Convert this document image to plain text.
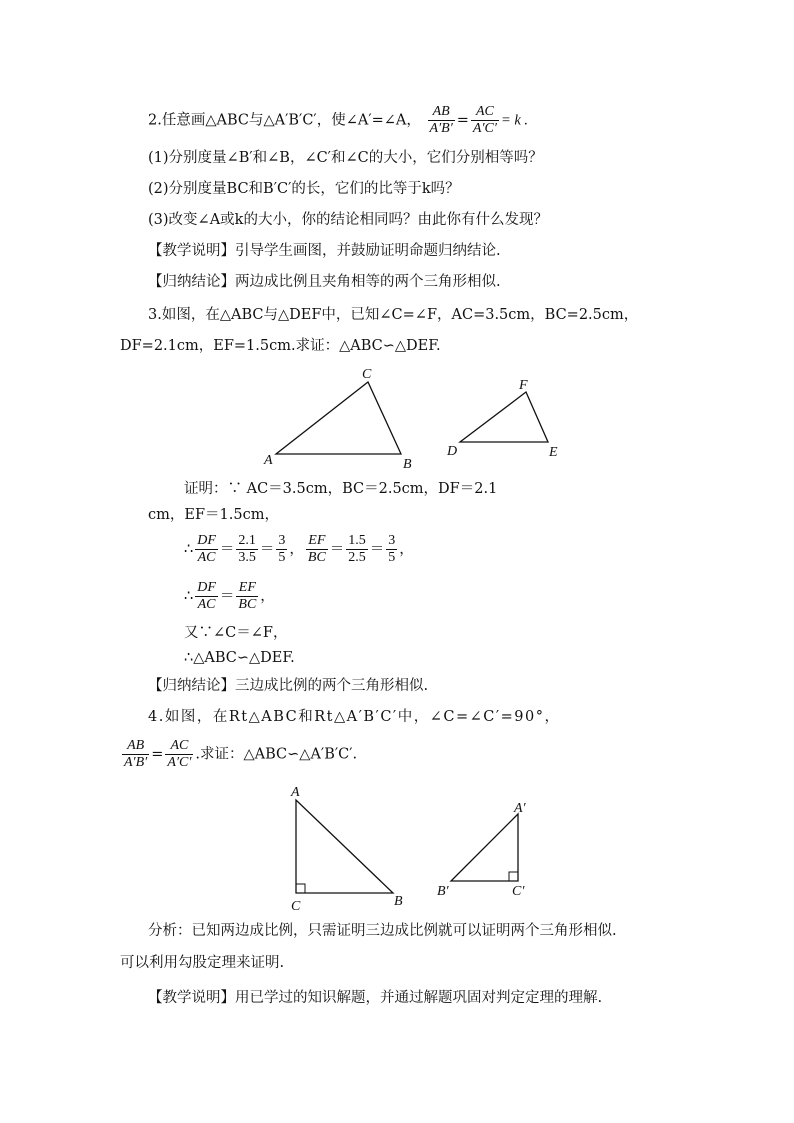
2.任意画△ABC与△A′B′C′，使∠A′=∠A， $\frac{AB}{A'B'} = \frac{AC}{A'C'} = k$ .
(1)分别度量∠B′和∠B，∠C′和∠C的大小，它们分别相等吗？
(2)分别度量BC和B′C′的长，它们的比等于k吗？
(3)改变∠A或k的大小，你的结论相同吗？由此你有什么发现？
【教学说明】引导学生画图，并鼓励证明命题归纳结论.
【归纳结论】两边成比例且夹角相等的两个三角形相似.
3.如图，在△ABC与△DEF中，已知∠C=∠F，AC=3.5cm，BC=2.5cm，
DF=2.1cm，EF=1.5cm.求证：△ABC∽△DEF.
A	B
C
D	E
F
证明：∵ AC＝3.5cm，BC＝2.5cm，DF＝2.1
cm，EF＝1.5cm，
∴ $\frac{DF}{AC} = \frac{2.1}{3.5} = \frac{3}{5}$ ， $\frac{EF}{BC} = \frac{1.5}{2.5} = \frac{3}{5}$ ，
∴ $\frac{DF}{AC} = \frac{EF}{BC}$ ，
又∵∠C＝∠F，
∴△ABC∽△DEF.
【归纳结论】三边成比例的两个三角形相似.
4.如图，在Rt△ABC和Rt△A′B′C′中，∠C=∠C′=90°，
$\frac{AB}{A'B'} = \frac{AC}{A'C'}$ .求证：△ABC∽△A′B′C′.
A
B
C
A′
B′	C′
分析：已知两边成比例，只需证明三边成比例就可以证明两个三角形相似.
可以利用勾股定理来证明.
【教学说明】用已学过的知识解题，并通过解题巩固对判定定理的理解.
